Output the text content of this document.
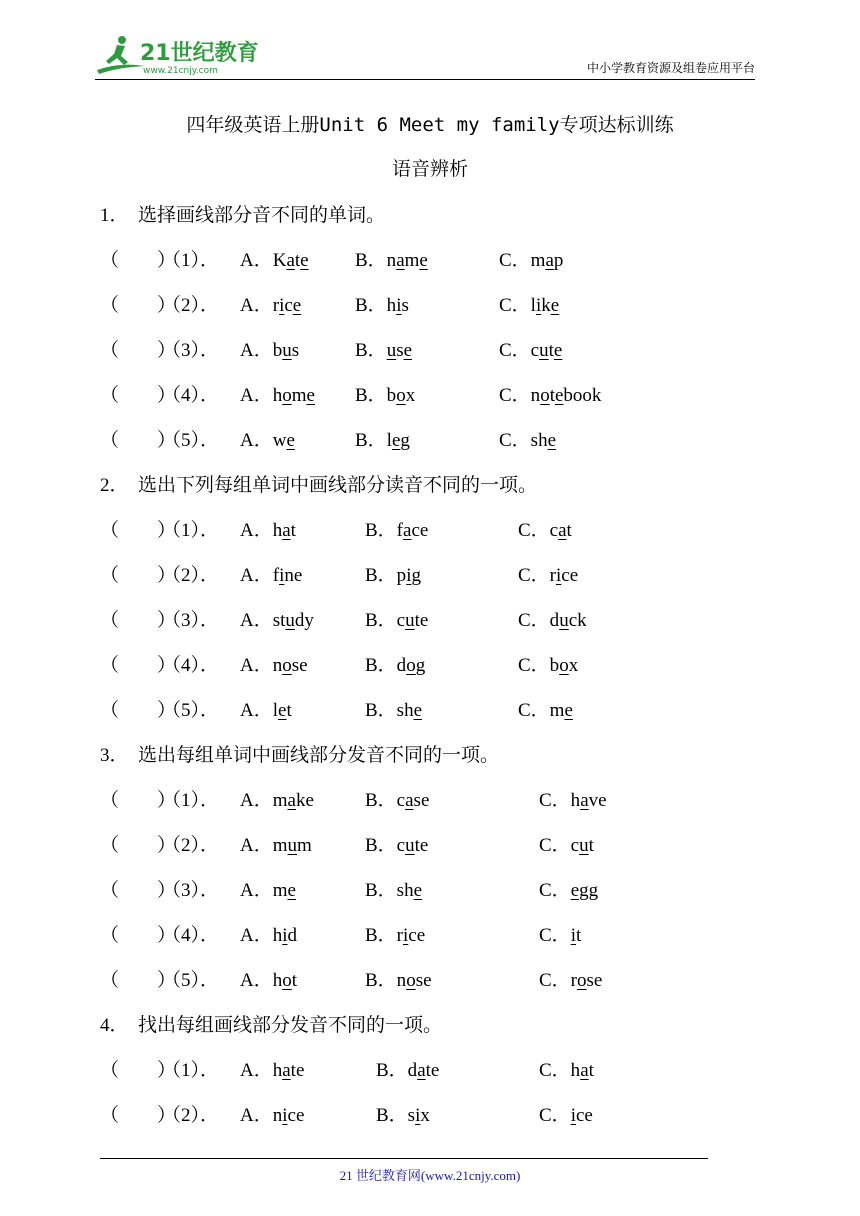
21世纪教育
www.21cnjy.com	中小学教育资源及组卷应用平台
四年级英语上册Unit 6 Meet my family专项达标训练
语音辨析
1． 选择画线部分音不同的单词。
（　　）
（1）． A．Kate B．name	C．map
（　　）
（2）． A．rice	B．his	C．like
（　　）
（3）． A．bus	B．use	C．cute
（　　）
（4）． A．home B．box	C．notebook
（　　）
（5）． A．we	B．leg	C．she
2． 选出下列每组单词中画线部分读音不同的一项。
（　　）
（1）． A．hat	B．face	C．cat
（　　）
（2）． A．fine	B．pig	C．rice
（　　）
（3）． A．study	B．cute	C．duck
（　　）
（4）． A．nose	B．dog	C．box
（　　）
（5）． A．let	B．she	C．me
3． 选出每组单词中画线部分发音不同的一项。
（　　）
（1）． A．make	B．case	C．have
（　　）
（2）． A．mum	B．cute	C．cut
（　　）
（3）． A．me	B．she	C．egg
（　　）
（4）． A．hid	B．rice	C．it
（　　）
（5）． A．hot	B．nose	C．rose
4． 找出每组画线部分发音不同的一项。
（　　）
（1）． A．hate	B．date	C．hat
（　　）
（2）． A．nice	B．six	C．ice
21 世纪教育网(www.21cnjy.com)
